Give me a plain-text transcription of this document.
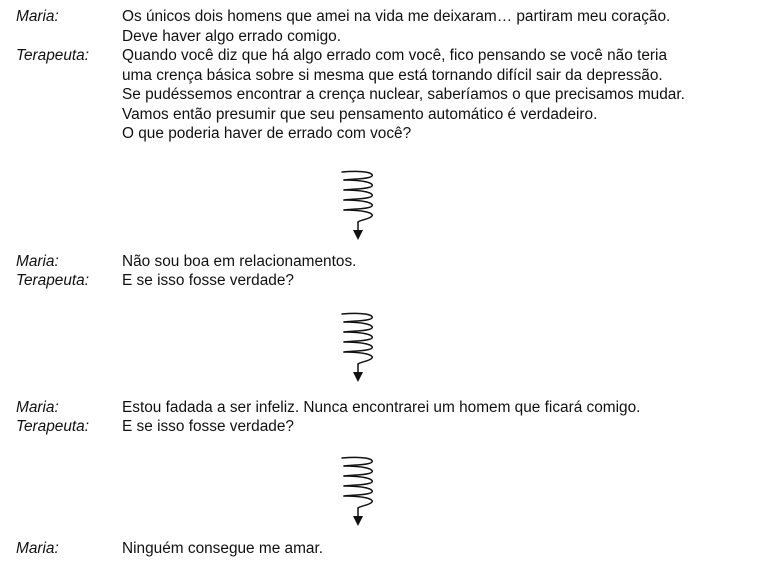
Maria:	Os únicos dois homens que amei na vida me deixaram… partiram meu coração.
Deve haver algo errado comigo.
Terapeuta: Quando você diz que há algo errado com você, fico pensando se você não teria
uma crença básica sobre si mesma que está tornando difícil sair da depressão.
Se pudéssemos encontrar a crença nuclear, saberíamos o que precisamos mudar.
Vamos então presumir que seu pensamento automático é verdadeiro.
O que poderia haver de errado com você?
Maria:	Não sou boa em relacionamentos.
Terapeuta: E se isso fosse verdade?
Maria:	Estou fadada a ser infeliz. Nunca encontrarei um homem que ficará comigo.
Terapeuta: E se isso fosse verdade?
Maria:	Ninguém consegue me amar.
